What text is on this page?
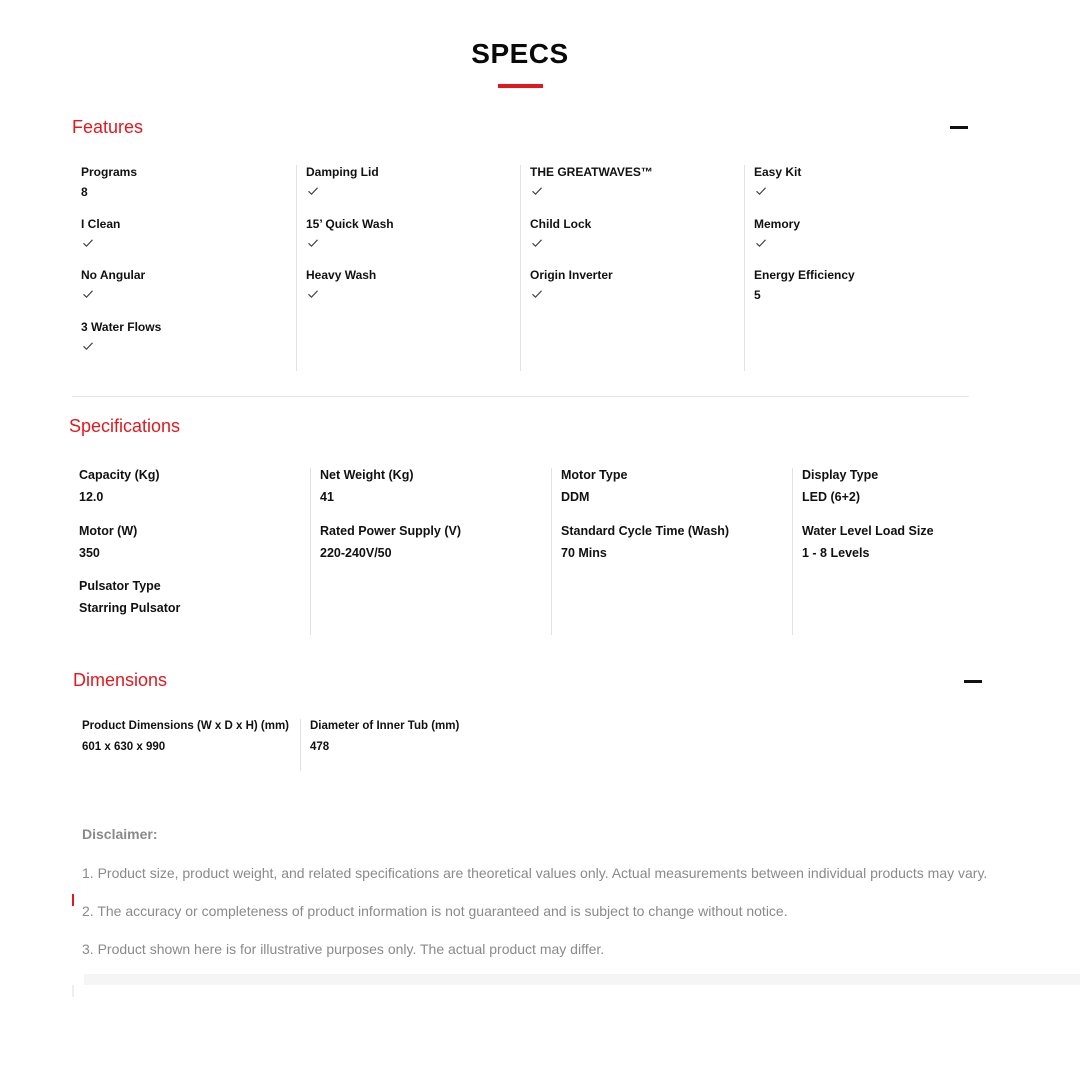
SPECS
Features
Programs
8
I Clean
No Angular
3 Water Flows
Damping Lid
15’ Quick Wash
Heavy Wash
THE GREATWAVES™
Child Lock
Origin Inverter
Easy Kit
Memory
Energy Efficiency
5
Specifications
Capacity (Kg)
12.0
Motor (W)
350
Pulsator Type
Starring Pulsator
Net Weight (Kg)
41
Rated Power Supply (V)
220-240V/50
Motor Type
DDM
Standard Cycle Time (Wash)
70 Mins
Display Type
LED (6+2)
Water Level Load Size
1 - 8 Levels
Dimensions
Product Dimensions (W x D x H) (mm)
601 x 630 x 990
Diameter of Inner Tub (mm)
478
Disclaimer:
1. Product size, product weight, and related specifications are theoretical values only. Actual measurements between individual products may vary.
2. The accuracy or completeness of product information is not guaranteed and is subject to change without notice.
3. Product shown here is for illustrative purposes only. The actual product may differ.
